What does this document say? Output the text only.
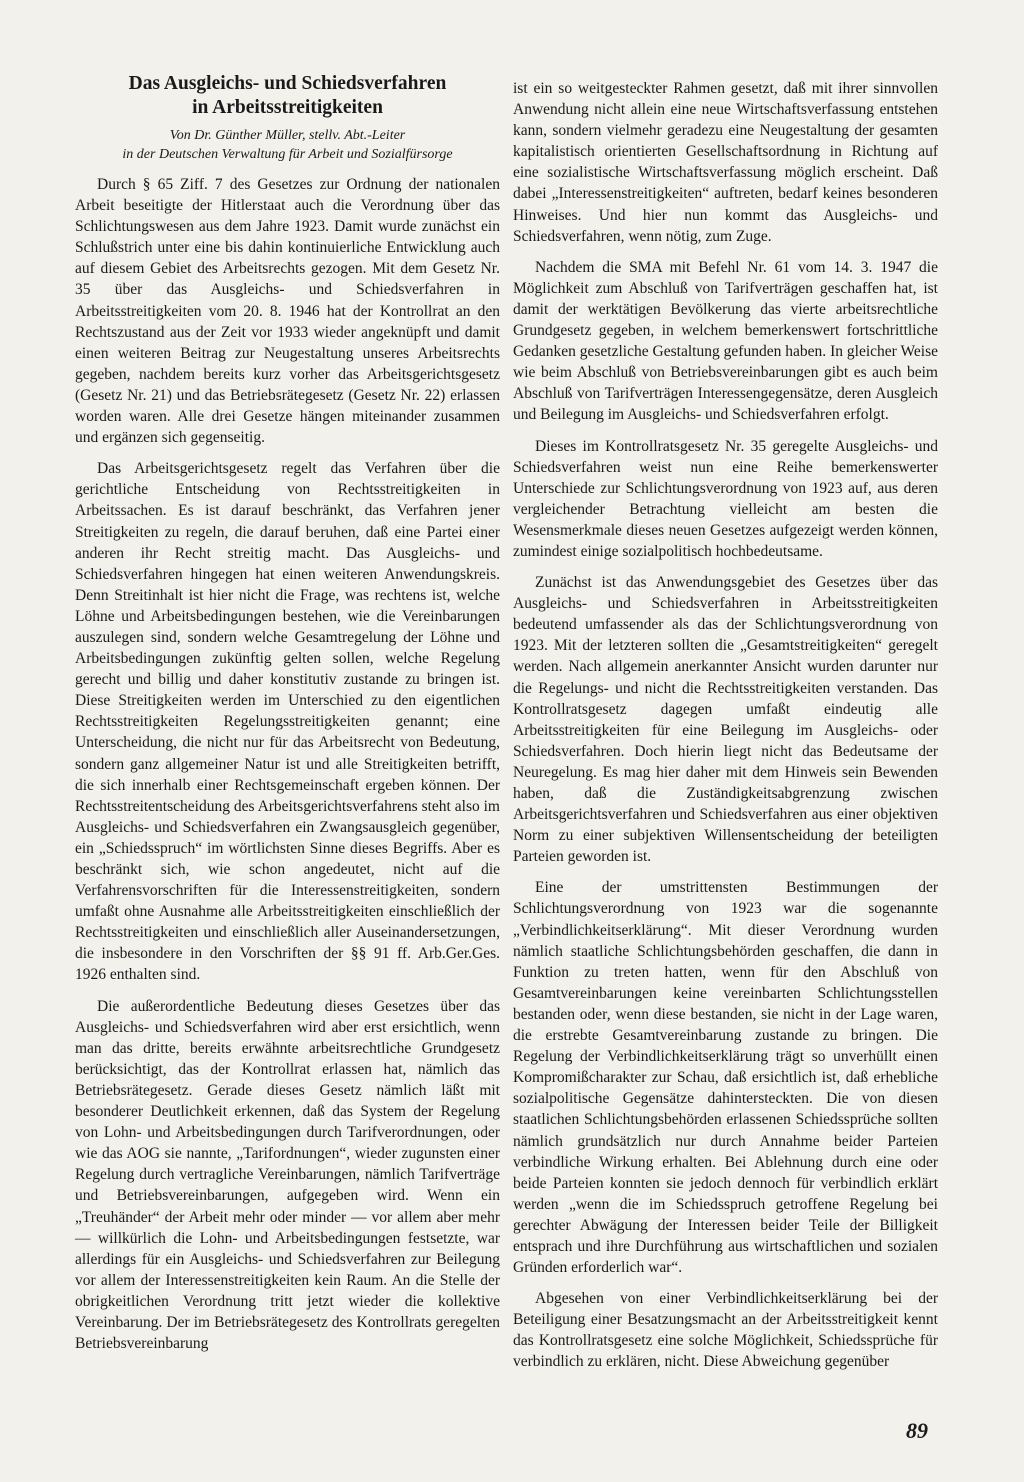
Das Ausgleichs- und Schiedsverfahren
in Arbeitsstreitigkeiten
Von Dr. Günther Müller, stellv. Abt.-Leiter
in der Deutschen Verwaltung für Arbeit und Sozialfürsorge

Durch § 65 Ziff. 7 des Gesetzes zur Ordnung der nationalen Arbeit beseitigte der Hitlerstaat auch die Verordnung über das Schlichtungswesen aus dem Jahre 1923. Damit wurde zunächst ein Schlußstrich unter eine bis dahin kontinuierliche Entwicklung auch auf diesem Gebiet des Arbeitsrechts gezogen. Mit dem Gesetz Nr. 35 über das Ausgleichs- und Schiedsverfahren in Arbeitsstreitigkeiten vom 20. 8. 1946 hat der Kontrollrat an den Rechtszustand aus der Zeit vor 1933 wieder angeknüpft und damit einen weiteren Beitrag zur Neugestaltung unseres Arbeitsrechts gegeben, nachdem bereits kurz vorher das Arbeitsgerichtsgesetz (Gesetz Nr. 21) und das Betriebsrätegesetz (Gesetz Nr. 22) erlassen worden waren. Alle drei Gesetze hängen miteinander zusammen und ergänzen sich gegenseitig.

Das Arbeitsgerichtsgesetz regelt das Verfahren über die gerichtliche Entscheidung von Rechtsstreitigkeiten in Arbeitssachen. Es ist darauf beschränkt, das Verfahren jener Streitigkeiten zu regeln, die darauf beruhen, daß eine Partei einer anderen ihr Recht streitig macht. Das Ausgleichs- und Schiedsverfahren hingegen hat einen weiteren Anwendungskreis. Denn Streitinhalt ist hier nicht die Frage, was rechtens ist, welche Löhne und Arbeitsbedingungen bestehen, wie die Vereinbarungen auszulegen sind, sondern welche Gesamtregelung der Löhne und Arbeitsbedingungen zukünftig gelten sollen, welche Regelung gerecht und billig und daher konstitutiv zustande zu bringen ist. Diese Streitigkeiten werden im Unterschied zu den eigentlichen Rechtsstreitigkeiten Regelungsstreitigkeiten genannt; eine Unterscheidung, die nicht nur für das Arbeitsrecht von Bedeutung, sondern ganz allgemeiner Natur ist und alle Streitigkeiten betrifft, die sich innerhalb einer Rechtsgemeinschaft ergeben können. Der Rechtsstreitentscheidung des Arbeitsgerichtsverfahrens steht also im Ausgleichs- und Schiedsverfahren ein Zwangsausgleich gegenüber, ein „Schiedsspruch“ im wörtlichsten Sinne dieses Begriffs. Aber es beschränkt sich, wie schon angedeutet, nicht auf die Verfahrensvorschriften für die Interessenstreitigkeiten, sondern umfaßt ohne Ausnahme alle Arbeitsstreitigkeiten einschließlich der Rechtsstreitigkeiten und einschließlich aller Auseinandersetzungen, die insbesondere in den Vorschriften der §§ 91 ff. Arb.Ger.Ges. 1926 enthalten sind.

Die außerordentliche Bedeutung dieses Gesetzes über das Ausgleichs- und Schiedsverfahren wird aber erst ersichtlich, wenn man das dritte, bereits erwähnte arbeitsrechtliche Grundgesetz berücksichtigt, das der Kontrollrat erlassen hat, nämlich das Betriebsrätegesetz. Gerade dieses Gesetz nämlich läßt mit besonderer Deutlichkeit erkennen, daß das System der Regelung von Lohn- und Arbeitsbedingungen durch Tarifverordnungen, oder wie das AOG sie nannte, „Tarifordnungen“, wieder zugunsten einer Regelung durch vertragliche Vereinbarungen, nämlich Tarifverträge und Betriebsvereinbarungen, aufgegeben wird. Wenn ein „Treuhänder“ der Arbeit mehr oder minder — vor allem aber mehr — willkürlich die Lohn- und Arbeitsbedingungen festsetzte, war allerdings für ein Ausgleichs- und Schiedsverfahren zur Beilegung vor allem der Interessenstreitigkeiten kein Raum. An die Stelle der obrigkeitlichen Verordnung tritt jetzt wieder die kollektive Vereinbarung. Der im Betriebsrätegesetz des Kontrollrats geregelten Betriebsvereinbarung

ist ein so weitgesteckter Rahmen gesetzt, daß mit ihrer sinnvollen Anwendung nicht allein eine neue Wirtschaftsverfassung entstehen kann, sondern vielmehr geradezu eine Neugestaltung der gesamten kapitalistisch orientierten Gesellschaftsordnung in Richtung auf eine sozialistische Wirtschaftsverfassung möglich erscheint. Daß dabei „Interessenstreitigkeiten“ auftreten, bedarf keines besonderen Hinweises. Und hier nun kommt das Ausgleichs- und Schiedsverfahren, wenn nötig, zum Zuge.

Nachdem die SMA mit Befehl Nr. 61 vom 14. 3. 1947 die Möglichkeit zum Abschluß von Tarifverträgen geschaffen hat, ist damit der werktätigen Bevölkerung das vierte arbeitsrechtliche Grundgesetz gegeben, in welchem bemerkenswert fortschrittliche Gedanken gesetzliche Gestaltung gefunden haben. In gleicher Weise wie beim Abschluß von Betriebsvereinbarungen gibt es auch beim Abschluß von Tarifverträgen Interessengegensätze, deren Ausgleich und Beilegung im Ausgleichs- und Schiedsverfahren erfolgt.

Dieses im Kontrollratsgesetz Nr. 35 geregelte Ausgleichs- und Schiedsverfahren weist nun eine Reihe bemerkenswerter Unterschiede zur Schlichtungsverordnung von 1923 auf, aus deren vergleichender Betrachtung vielleicht am besten die Wesensmerkmale dieses neuen Gesetzes aufgezeigt werden können, zumindest einige sozialpolitisch hochbedeutsame.

Zunächst ist das Anwendungsgebiet des Gesetzes über das Ausgleichs- und Schiedsverfahren in Arbeitsstreitigkeiten bedeutend umfassender als das der Schlichtungsverordnung von 1923. Mit der letzteren sollten die „Gesamtstreitigkeiten“ geregelt werden. Nach allgemein anerkannter Ansicht wurden darunter nur die Regelungs- und nicht die Rechtsstreitigkeiten verstanden. Das Kontrollratsgesetz dagegen umfaßt eindeutig alle Arbeitsstreitigkeiten für eine Beilegung im Ausgleichs- oder Schiedsverfahren. Doch hierin liegt nicht das Bedeutsame der Neuregelung. Es mag hier daher mit dem Hinweis sein Bewenden haben, daß die Zuständigkeitsabgrenzung zwischen Arbeitsgerichtsverfahren und Schiedsverfahren aus einer objektiven Norm zu einer subjektiven Willensentscheidung der beteiligten Parteien geworden ist.

Eine der umstrittensten Bestimmungen der Schlichtungsverordnung von 1923 war die sogenannte „Verbindlichkeitserklärung“. Mit dieser Verordnung wurden nämlich staatliche Schlichtungsbehörden geschaffen, die dann in Funktion zu treten hatten, wenn für den Abschluß von Gesamtvereinbarungen keine vereinbarten Schlichtungsstellen bestanden oder, wenn diese bestanden, sie nicht in der Lage waren, die erstrebte Gesamtvereinbarung zustande zu bringen. Die Regelung der Verbindlichkeitserklärung trägt so unverhüllt einen Kompromißcharakter zur Schau, daß ersichtlich ist, daß erhebliche sozialpolitische Gegensätze dahintersteckten. Die von diesen staatlichen Schlichtungsbehörden erlassenen Schiedssprüche sollten nämlich grundsätzlich nur durch Annahme beider Parteien verbindliche Wirkung erhalten. Bei Ablehnung durch eine oder beide Parteien konnten sie jedoch dennoch für verbindlich erklärt werden „wenn die im Schiedsspruch getroffene Regelung bei gerechter Abwägung der Interessen beider Teile der Billigkeit entsprach und ihre Durchführung aus wirtschaftlichen und sozialen Gründen erforderlich war“.

Abgesehen von einer Verbindlichkeitserklärung bei der Beteiligung einer Besatzungsmacht an der Arbeitsstreitigkeit kennt das Kontrollratsgesetz eine solche Möglichkeit, Schiedssprüche für verbindlich zu erklären, nicht. Diese Abweichung gegenüber

89
